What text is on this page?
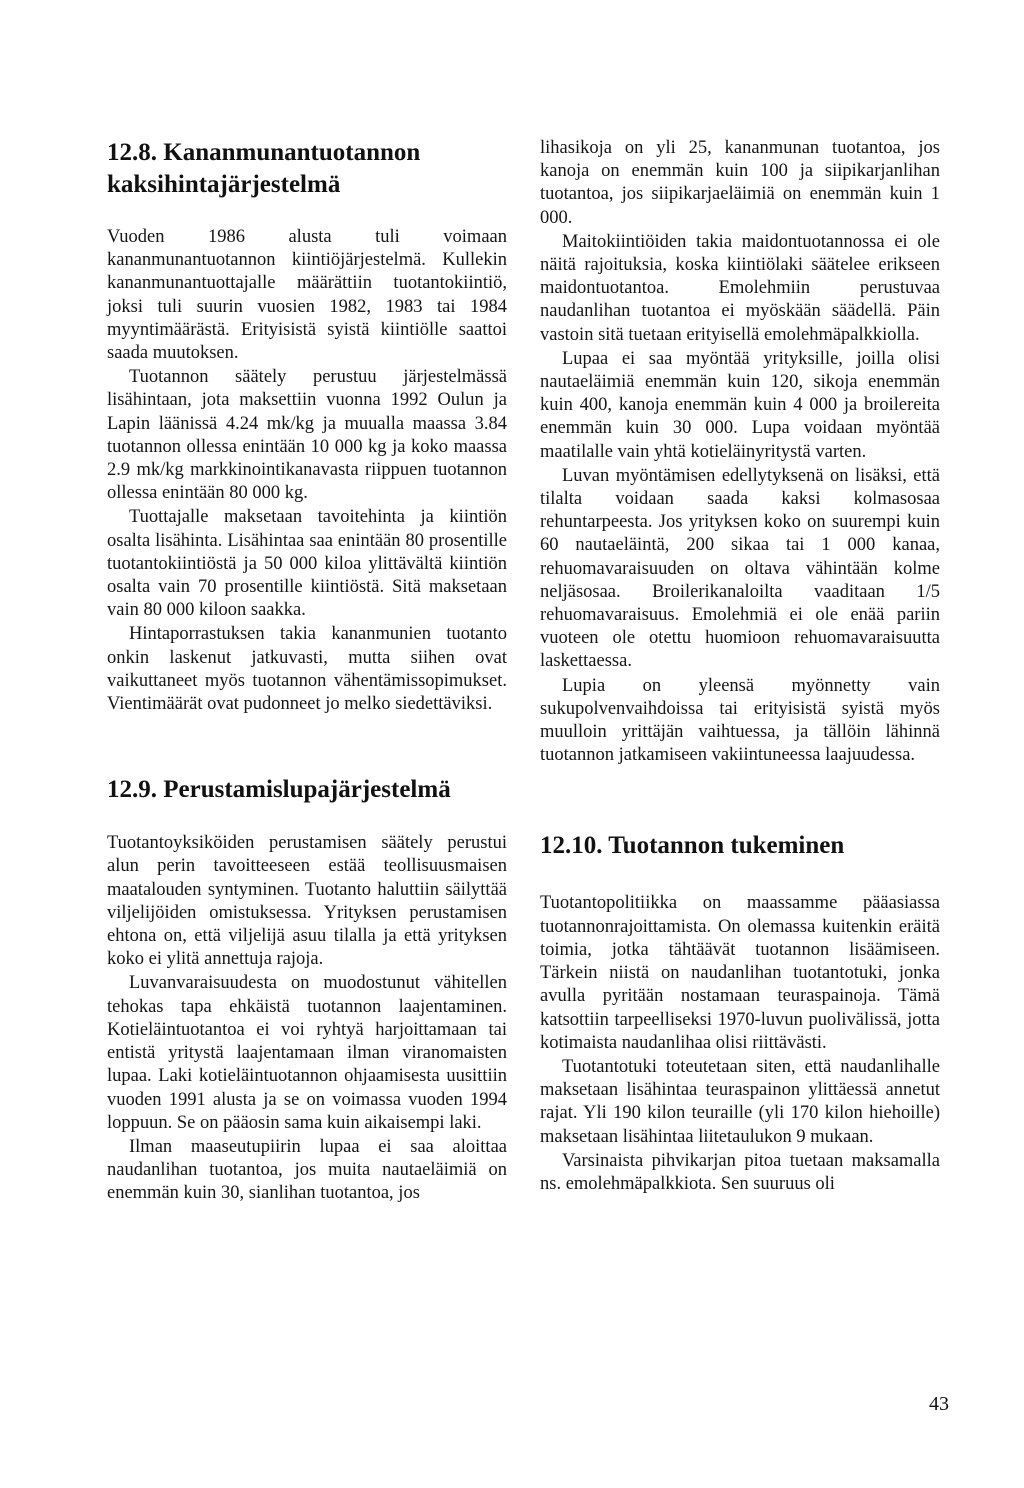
12.8. Kananmunantuotannon kaksihintajärjestelmä

Vuoden 1986 alusta tuli voimaan kananmunantuotannon kiintiöjärjestelmä. Kullekin kananmunantuottajalle määrättiin tuotantokiintiö, joksi tuli suurin vuosien 1982, 1983 tai 1984 myyntimäärästä. Erityisistä syistä kiintiölle saattoi saada muutoksen.

Tuotannon säätely perustuu järjestelmässä lisähintaan, jota maksettiin vuonna 1992 Oulun ja Lapin läänissä 4.24 mk/kg ja muualla maassa 3.84 tuotannon ollessa enintään 10 000 kg ja koko maassa 2.9 mk/kg markkinointikanavasta riippuen tuotannon ollessa enintään 80 000 kg.

Tuottajalle maksetaan tavoitehinta ja kiintiön osalta lisähinta. Lisähintaa saa enintään 80 prosentille tuotantokiintiöstä ja 50 000 kiloa ylittävältä kiintiön osalta vain 70 prosentille kiintiöstä. Sitä maksetaan vain 80 000 kiloon saakka.

Hintaporrastuksen takia kananmunien tuotanto onkin laskenut jatkuvasti, mutta siihen ovat vaikuttaneet myös tuotannon vähentämissopimukset. Vientimäärät ovat pudonneet jo melko siedettäviksi.

12.9. Perustamislupajärjestelmä

Tuotantoyksiköiden perustamisen säätely perustui alun perin tavoitteeseen estää teollisuusmaisen maatalouden syntyminen. Tuotanto haluttiin säilyttää viljelijöiden omistuksessa. Yrityksen perustamisen ehtona on, että viljelijä asuu tilalla ja että yrityksen koko ei ylitä annettuja rajoja.

Luvanvaraisuudesta on muodostunut vähitellen tehokas tapa ehkäistä tuotannon laajentaminen. Kotieläintuotantoa ei voi ryhtyä harjoittamaan tai entistä yritystä laajentamaan ilman viranomaisten lupaa. Laki kotieläintuotannon ohjaamisesta uusittiin vuoden 1991 alusta ja se on voimassa vuoden 1994 loppuun. Se on pääosin sama kuin aikaisempi laki.

Ilman maaseutupiirin lupaa ei saa aloittaa naudanlihan tuotantoa, jos muita nautaeläimiä on enemmän kuin 30, sianlihan tuotantoa, jos

lihasikoja on yli 25, kananmunan tuotantoa, jos kanoja on enemmän kuin 100 ja siipikarjanlihan tuotantoa, jos siipikarjaeläimiä on enemmän kuin 1 000.

Maitokiintiöiden takia maidontuotannossa ei ole näitä rajoituksia, koska kiintiölaki säätelee erikseen maidontuotantoa. Emolehmiin perustuvaa naudanlihan tuotantoa ei myöskään säädellä. Päin vastoin sitä tuetaan erityisellä emolehmäpalkkiolla.

Lupaa ei saa myöntää yrityksille, joilla olisi nautaeläimiä enemmän kuin 120, sikoja enemmän kuin 400, kanoja enemmän kuin 4 000 ja broilereita enemmän kuin 30 000. Lupa voidaan myöntää maatilalle vain yhtä kotieläinyritystä varten.

Luvan myöntämisen edellytyksenä on lisäksi, että tilalta voidaan saada kaksi kolmasosaa rehuntarpeesta. Jos yrityksen koko on suurempi kuin 60 nautaeläintä, 200 sikaa tai 1 000 kanaa, rehuomavaraisuuden on oltava vähintään kolme neljäsosaa. Broilerikanaloilta vaaditaan 1/5 rehuomavaraisuus. Emolehmiä ei ole enää pariin vuoteen ole otettu huomioon rehuomavaraisuutta laskettaessa.

Lupia on yleensä myönnetty vain sukupolvenvaihdoissa tai erityisistä syistä myös muulloin yrittäjän vaihtuessa, ja tällöin lähinnä tuotannon jatkamiseen vakiintuneessa laajuudessa.

12.10. Tuotannon tukeminen

Tuotantopolitiikka on maassamme pääasiassa tuotannonrajoittamista. On olemassa kuitenkin eräitä toimia, jotka tähtäävät tuotannon lisäämiseen. Tärkein niistä on naudanlihan tuotantotuki, jonka avulla pyritään nostamaan teuraspainoja. Tämä katsottiin tarpeelliseksi 1970-luvun puolivälissä, jotta kotimaista naudanlihaa olisi riittävästi.

Tuotantotuki toteutetaan siten, että naudanlihalle maksetaan lisähintaa teuraspainon ylittäessä annetut rajat. Yli 190 kilon teuraille (yli 170 kilon hiehoille) maksetaan lisähintaa liitetaulukon 9 mukaan.

Varsinaista pihvikarjan pitoa tuetaan maksamalla ns. emolehmäpalkkiota. Sen suuruus oli

43
